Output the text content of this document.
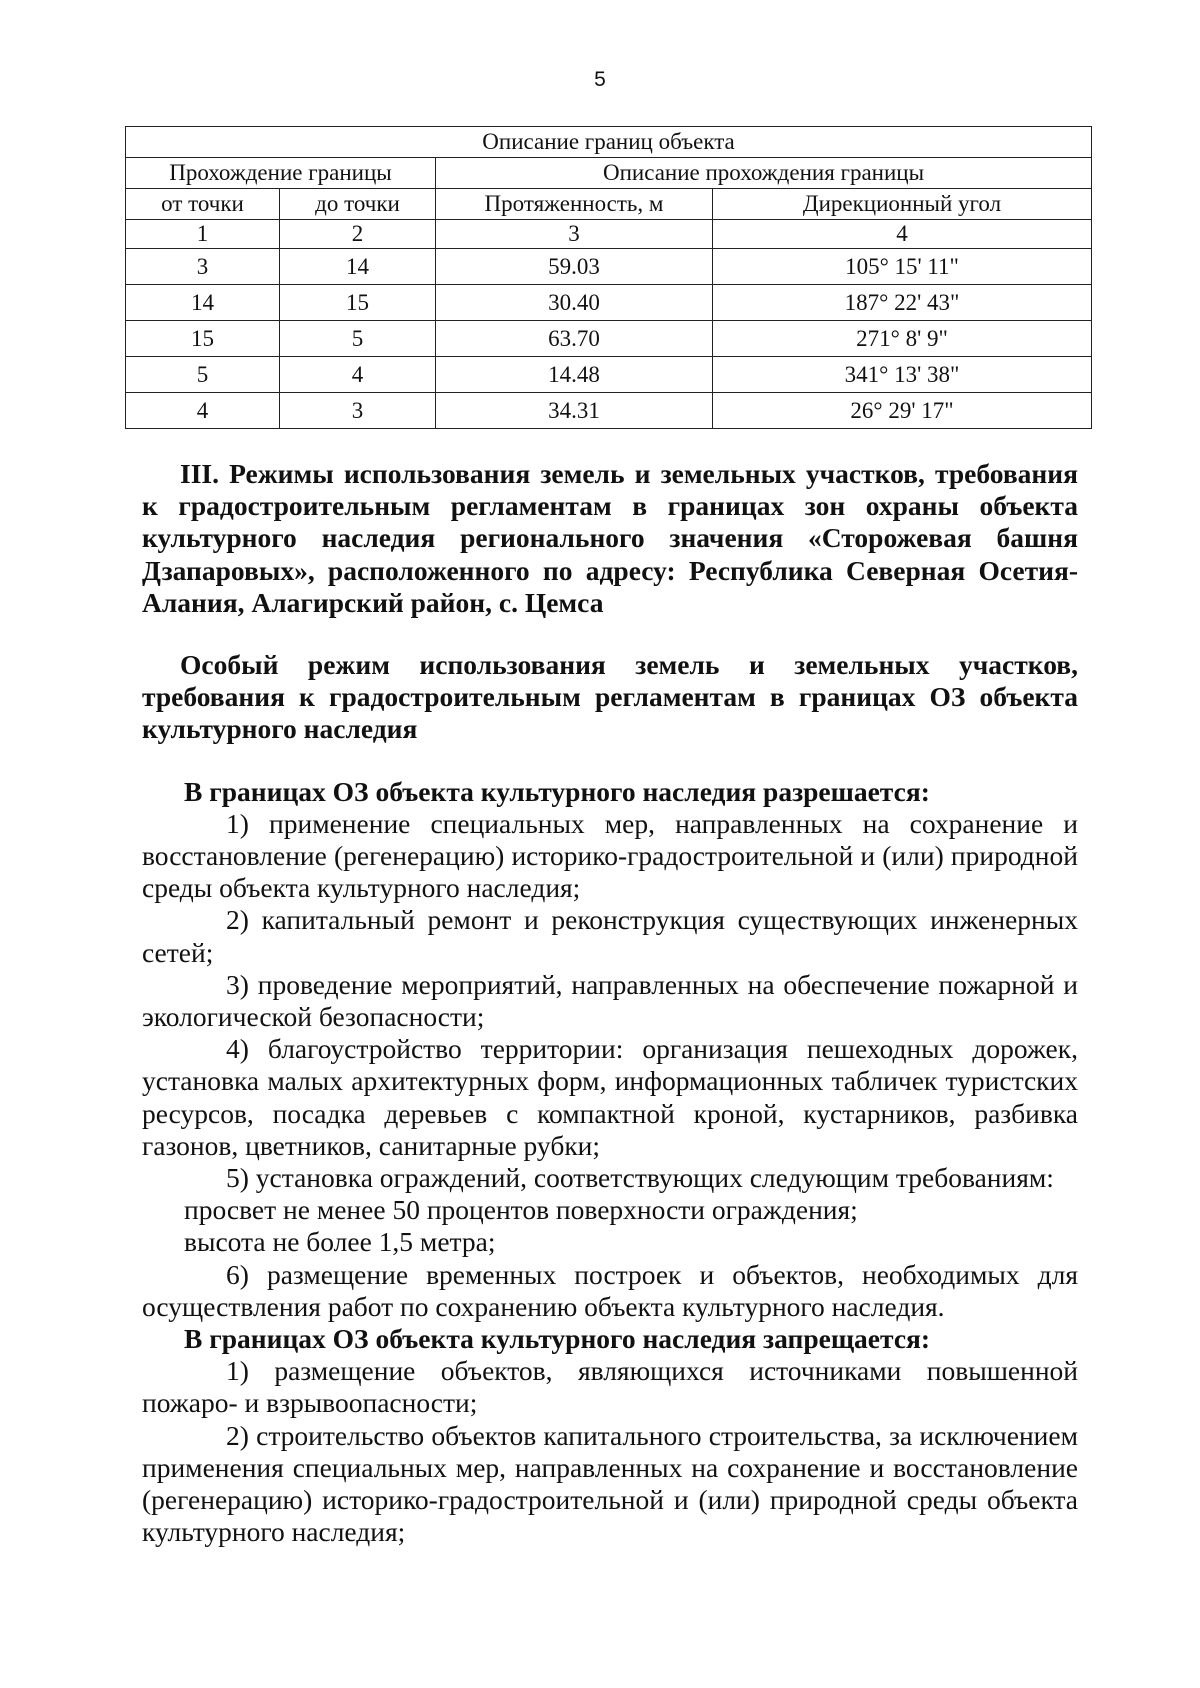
5
Описание границ объекта			
Прохождение границы		Описание прохождения границы	
от точки	до точки	Протяженность, м	Дирекционный угол
1	2	3	4
3	14	59.03	105° 15' 11"
14	15	30.40	187° 22' 43"
15	5	63.70	271° 8' 9"
5	4	14.48	341° 13' 38"
4	3	34.31	26° 29' 17"

III. Режимы использования земель и земельных участков, требования к градостроительным регламентам в границах зон охраны объекта культурного наследия регионального значения «Сторожевая башня Дзапаровых», расположенного по адресу: Республика Северная Осетия-Алания, Алагирский район, с. Цемса

Особый режим использования земель и земельных участков, требования к градостроительным регламентам в границах ОЗ объекта культурного наследия

В границах ОЗ объекта культурного наследия разрешается:

1) применение специальных мер, направленных на сохранение и восстановление (регенерацию) историко-градостроительной и (или) природной среды объекта культурного наследия;

2) капитальный ремонт и реконструкция существующих инженерных сетей;

3) проведение мероприятий, направленных на обеспечение пожарной и экологической безопасности;

4) благоустройство территории: организация пешеходных дорожек, установка малых архитектурных форм, информационных табличек туристских ресурсов, посадка деревьев с компактной кроной, кустарников, разбивка газонов, цветников, санитарные рубки;

5) установка ограждений, соответствующих следующим требованиям:

просвет не менее 50 процентов поверхности ограждения;

высота не более 1,5 метра;

6) размещение временных построек и объектов, необходимых для осуществления работ по сохранению объекта культурного наследия.

В границах ОЗ объекта культурного наследия запрещается:

1) размещение объектов, являющихся источниками повышенной пожаро- и взрывоопасности;

2) строительство объектов капитального строительства, за исключением применения специальных мер, направленных на сохранение и восстановление (регенерацию) историко-градостроительной и (или) природной среды объекта культурного наследия;
